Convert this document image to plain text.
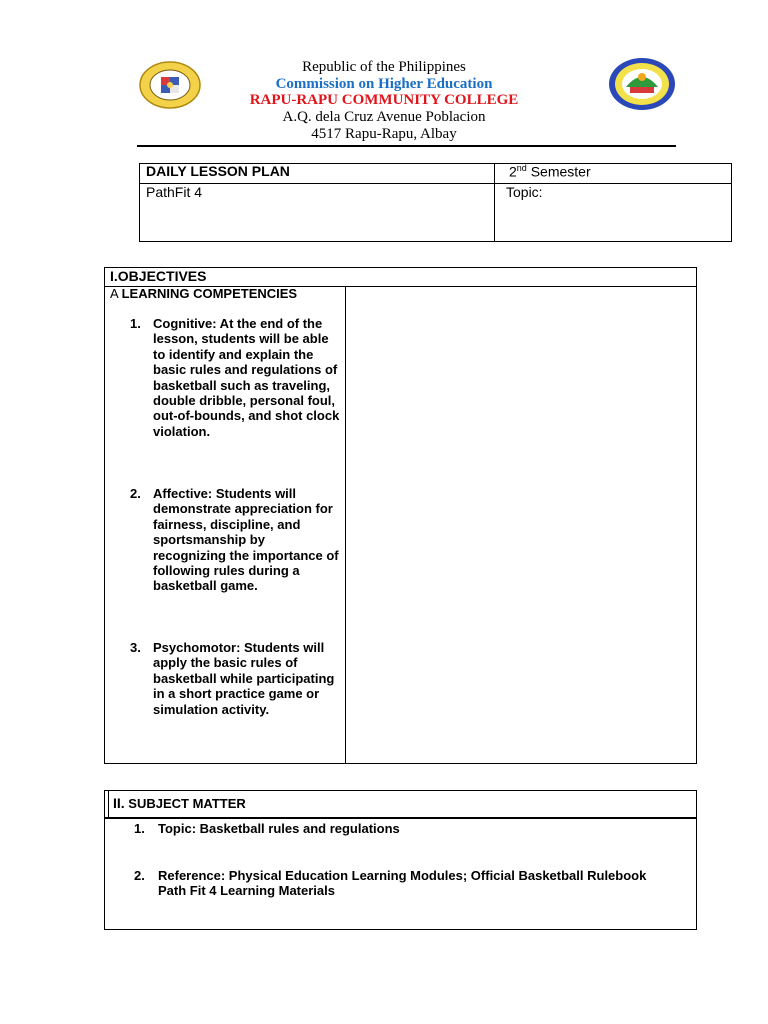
Republic of the Philippines
Commission on Higher Education
RAPU-RAPU COMMUNITY COLLEGE
A.Q. dela Cruz Avenue Poblacion
4517 Rapu-Rapu, Albay
DAILY LESSON PLAN	2nd Semester
PathFit 4	Topic:
I.OBJECTIVES
A LEARNING COMPETENCIES
1. Cognitive: At the end of the lesson, students will be able to identify and explain the basic rules and regulations of basketball such as traveling, double dribble, personal foul, out-of-bounds, and shot clock violation.
2. Affective: Students will demonstrate appreciation for fairness, discipline, and sportsmanship by recognizing the importance of following rules during a basketball game.
3. Psychomotor: Students will apply the basic rules of basketball while participating in a short practice game or simulation activity.
II. SUBJECT MATTER
1.	Topic: Basketball rules and regulations
2.	Reference: Physical Education Learning Modules; Official Basketball Rulebook Path Fit 4 Learning Materials
